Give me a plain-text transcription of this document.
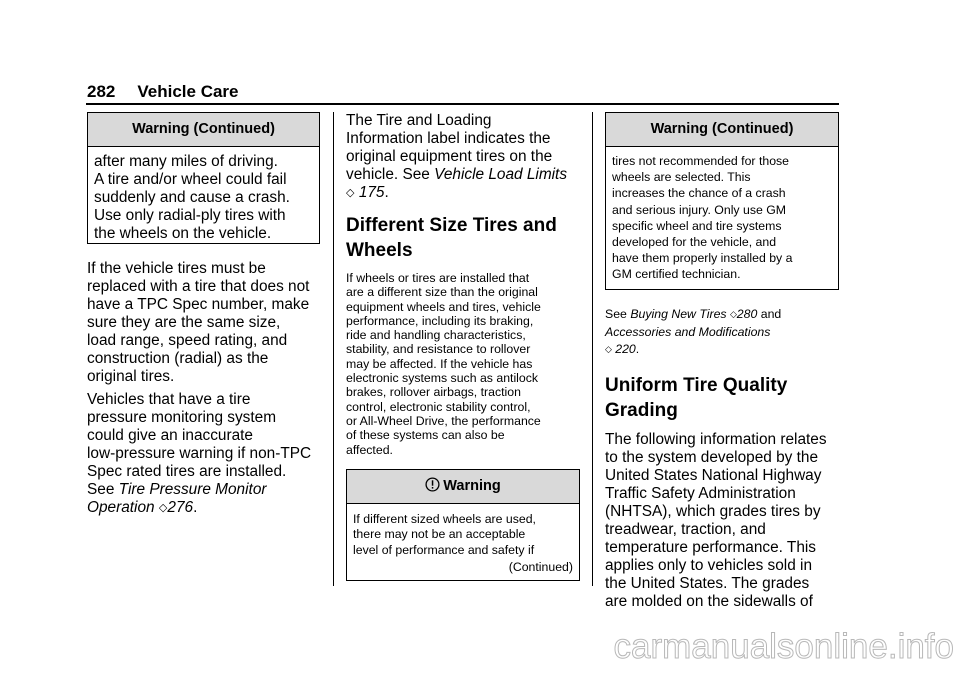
282 Vehicle Care
Warning (Continued)
after many miles of driving.
A tire and/or wheel could fail
suddenly and cause a crash.
Use only radial-ply tires with
the wheels on the vehicle.

If the vehicle tires must be
replaced with a tire that does not
have a TPC Spec number, make
sure they are the same size,
load range, speed rating, and
construction (radial) as the
original tires.

Vehicles that have a tire
pressure monitoring system
could give an inaccurate
low-pressure warning if non-TPC
Spec rated tires are installed.
See Tire Pressure Monitor
Operation ◇276.

The Tire and Loading
Information label indicates the
original equipment tires on the
vehicle. See Vehicle Load Limits
◇ 175.

Different Size Tires and
Wheels

If wheels or tires are installed that
are a different size than the original
equipment wheels and tires, vehicle
performance, including its braking,
ride and handling characteristics,
stability, and resistance to rollover
may be affected. If the vehicle has
electronic systems such as antilock
brakes, rollover airbags, traction
control, electronic stability control,
or All-Wheel Drive, the performance
of these systems can also be
affected.

Warning
If different sized wheels are used,
there may not be an acceptable
level of performance and safety if
(Continued)
Warning (Continued)
tires not recommended for those
wheels are selected. This
increases the chance of a crash
and serious injury. Only use GM
specific wheel and tire systems
developed for the vehicle, and
have them properly installed by a
GM certified technician.

See Buying New Tires ◇280 and
Accessories and Modifications
◇ 220.

Uniform Tire Quality
Grading

The following information relates
to the system developed by the
United States National Highway
Traffic Safety Administration
(NHTSA), which grades tires by
treadwear, traction, and
temperature performance. This
applies only to vehicles sold in
the United States. The grades
are molded on the sidewalls of

carmanualsonline.info
